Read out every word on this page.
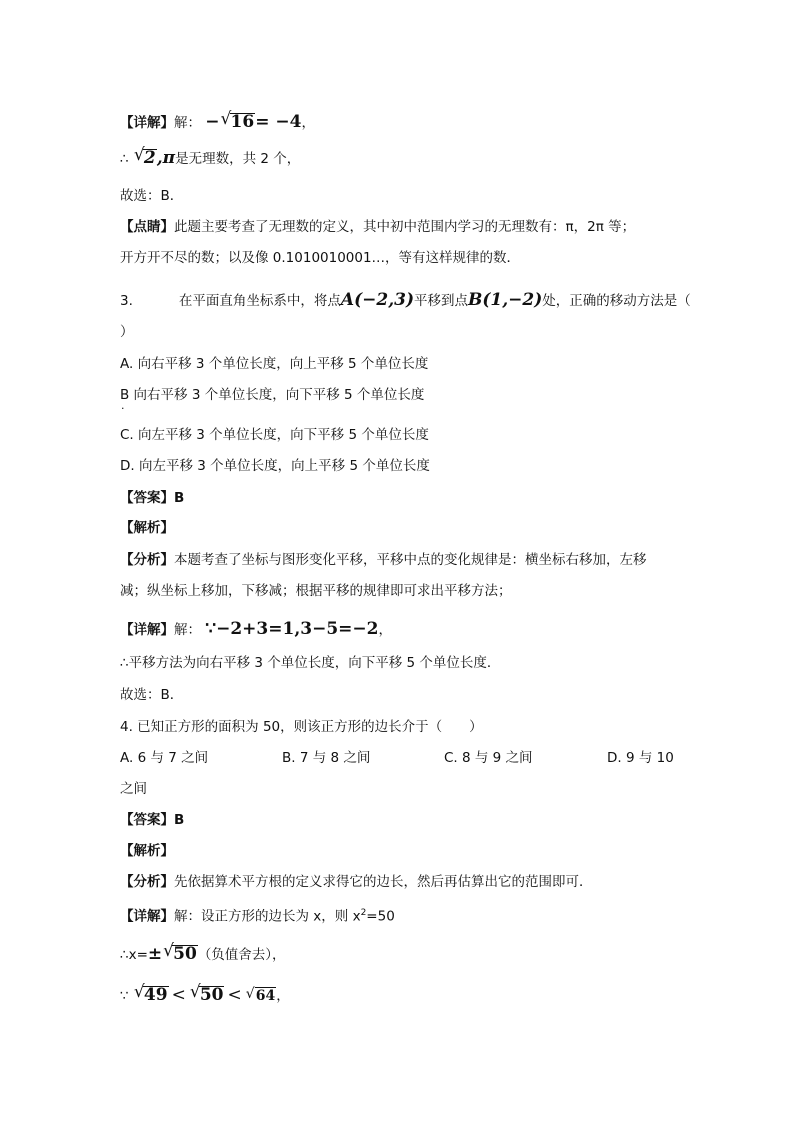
【详解】解： − √ 16= −4，
∴ √ 2,π是无理数，共 2 个，
故选：B．
【点睛】此题主要考查了无理数的定义，其中初中范围内学习的无理数有：π，2π 等；
开方开不尽的数；以及像 0.1010010001…，等有这样规律的数．
3.	在平面直角坐标系中，将点A(−2,3)平移到点B(1,−2)处，正确的移动方法是（
）
A. 向右平移 3 个单位长度，向上平移 5 个单位长度
B 向右平移 3 个单位长度，向下平移 5 个单位长度
·
C. 向左平移 3 个单位长度，向下平移 5 个单位长度
D. 向左平移 3 个单位长度，向上平移 5 个单位长度
【答案】B
【解析】
【分析】本题考查了坐标与图形变化平移，平移中点的变化规律是：横坐标右移加，左移
减；纵坐标上移加，下移减；根据平移的规律即可求出平移方法；
【详解】解： ∵−2+3=1,3−5=−2，
∴平移方法为向右平移 3 个单位长度，向下平移 5 个单位长度．
故选：B．
4. 已知正方形的面积为 50，则该正方形的边长介于（　　）
A. 6 与 7 之间	B. 7 与 8 之间	C. 8 与 9 之间	D. 9 与 10
之间
【答案】B
【解析】
【分析】先依据算术平方根的定义求得它的边长，然后再估算出它的范围即可．
【详解】解：设正方形的边长为 x，则 $x^2=50$
∴x=± √ 50（负值舍去），
∵ √ 49 < √ 50 < √ 64，
